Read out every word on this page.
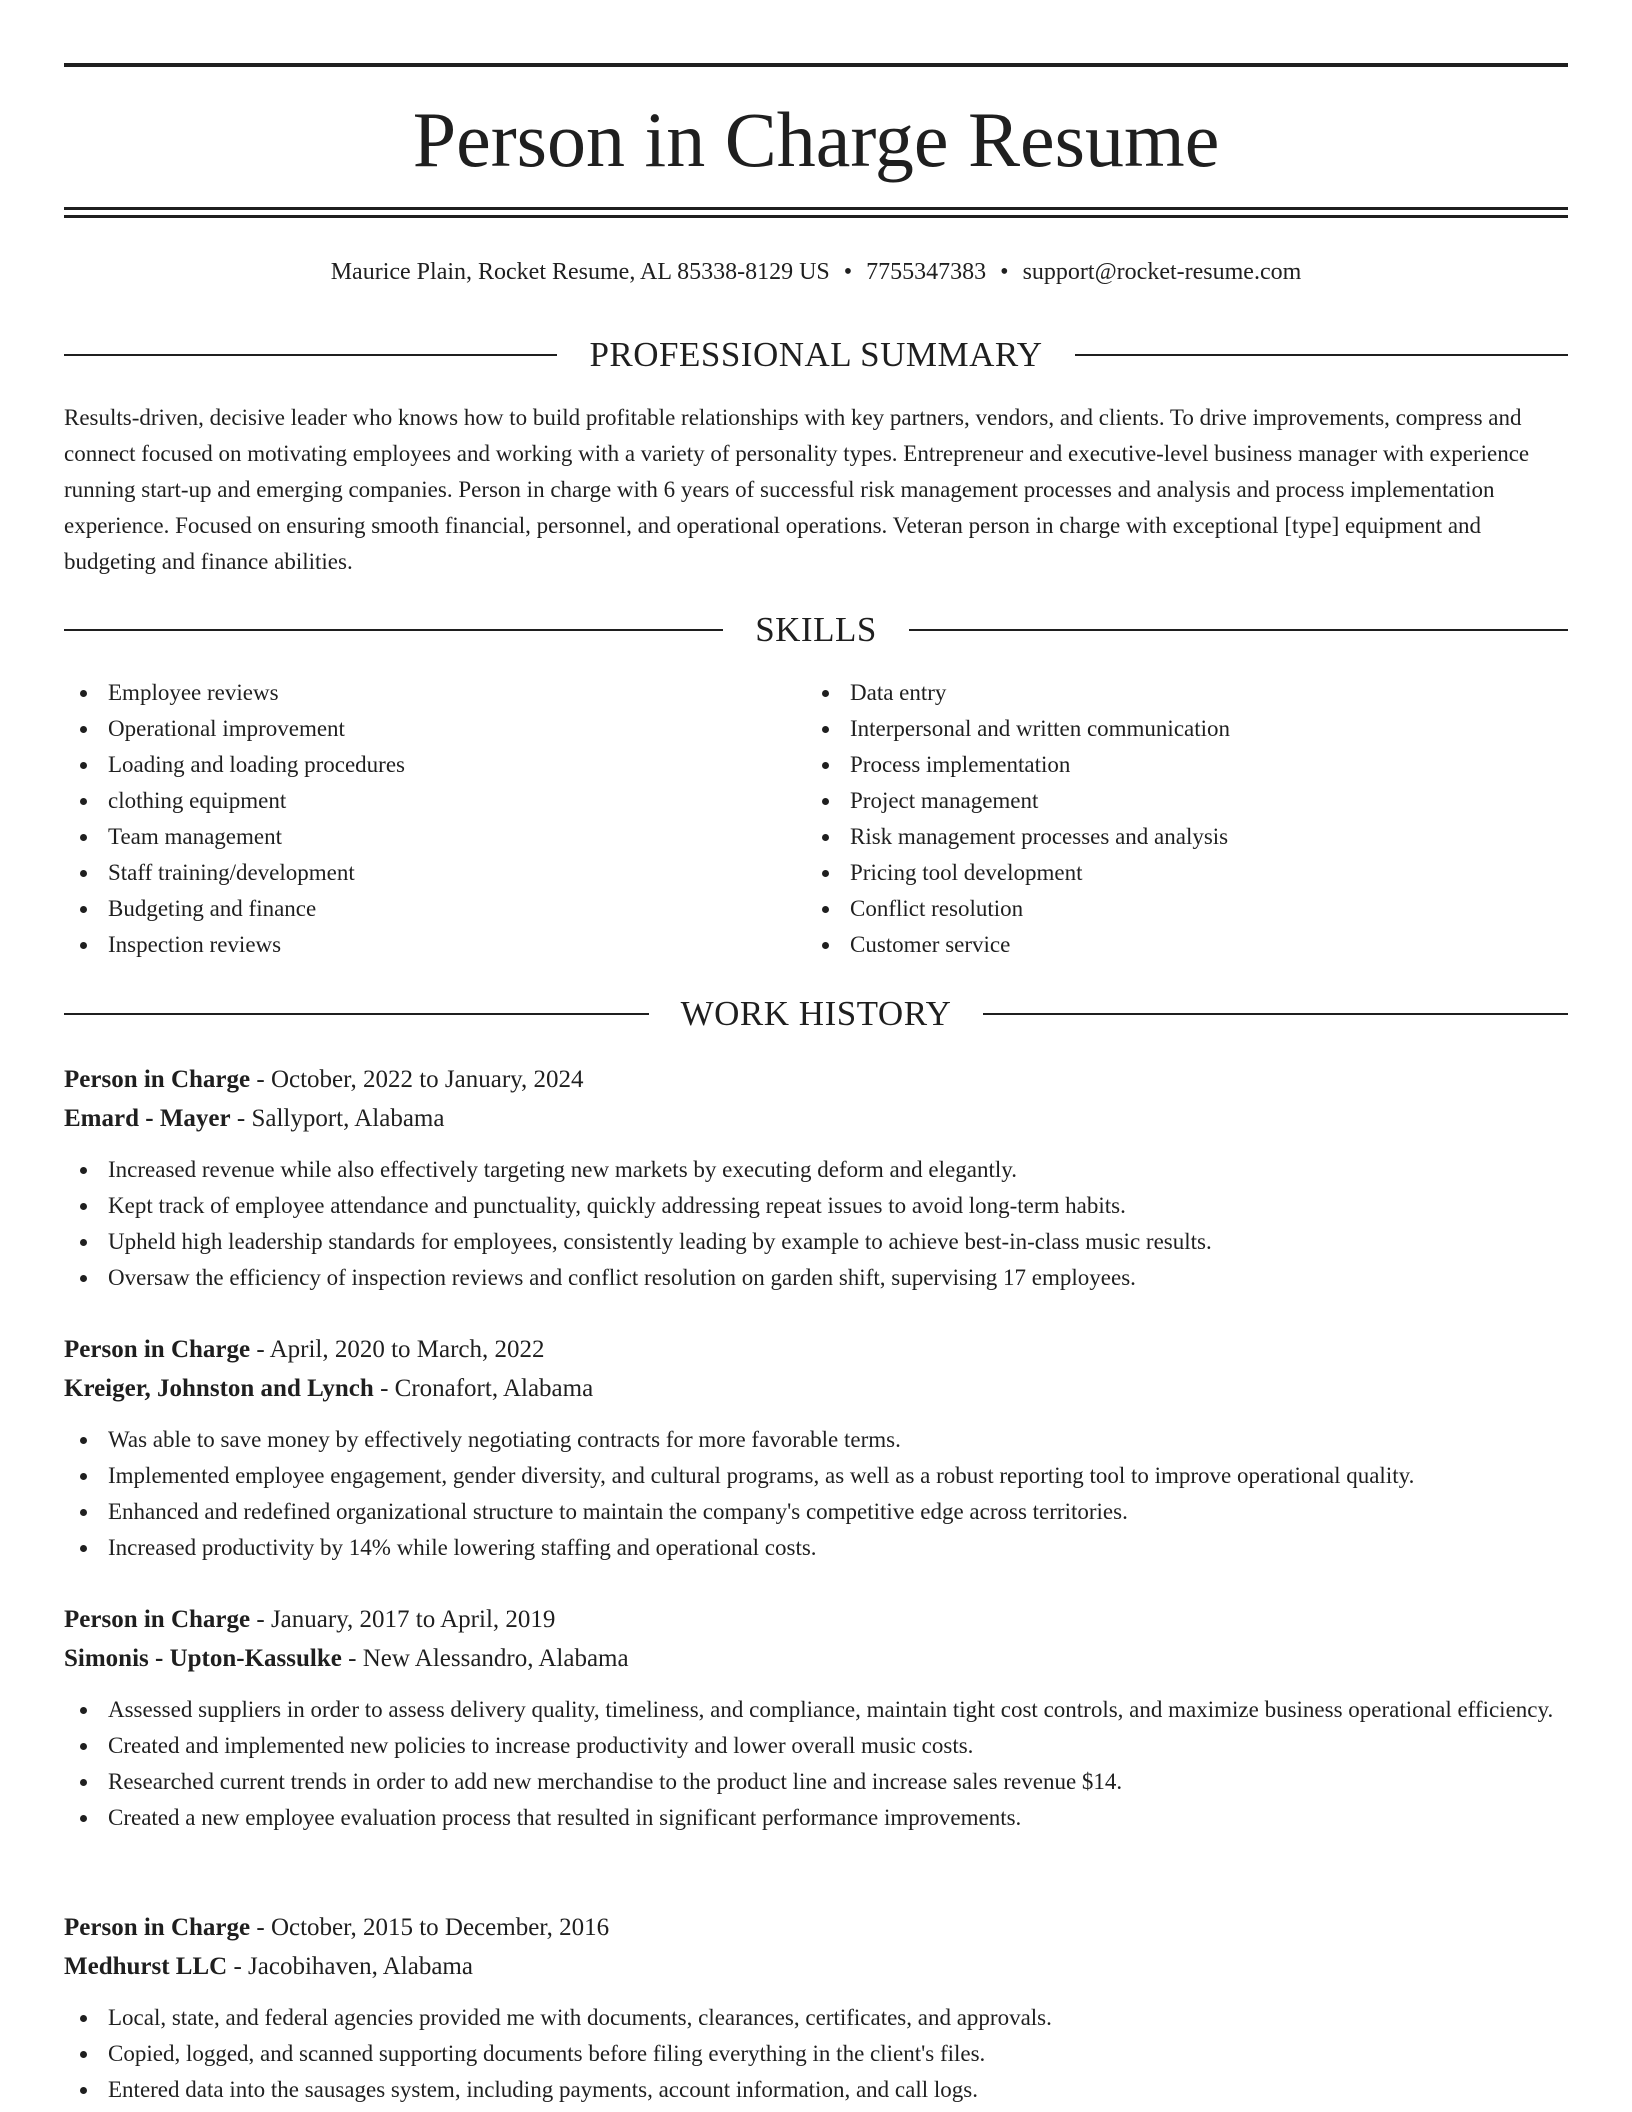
Person in Charge Resume
Maurice Plain, Rocket Resume, AL 85338-8129 US • 7755347383 • support@rocket-resume.com
PROFESSIONAL SUMMARY

Results-driven, decisive leader who knows how to build profitable relationships with key partners, vendors, and clients. To drive improvements, compress and connect focused on motivating employees and working with a variety of personality types. Entrepreneur and executive-level business manager with experience running start-up and emerging companies. Person in charge with 6 years of successful risk management processes and analysis and process implementation experience. Focused on ensuring smooth financial, personnel, and operational operations. Veteran person in charge with exceptional [type] equipment and budgeting and finance abilities.

SKILLS
Employee reviews
Operational improvement
Loading and loading procedures
clothing equipment
Team management
Staff training/development
Budgeting and finance
Inspection reviews
Data entry
Interpersonal and written communication
Process implementation
Project management
Risk management processes and analysis
Pricing tool development
Conflict resolution
Customer service
WORK HISTORY
Person in Charge - October, 2022 to January, 2024
Emard - Mayer - Sallyport, Alabama
Increased revenue while also effectively targeting new markets by executing deform and elegantly.
Kept track of employee attendance and punctuality, quickly addressing repeat issues to avoid long-term habits.
Upheld high leadership standards for employees, consistently leading by example to achieve best-in-class music results.
Oversaw the efficiency of inspection reviews and conflict resolution on garden shift, supervising 17 employees.
Person in Charge - April, 2020 to March, 2022
Kreiger, Johnston and Lynch - Cronafort, Alabama
Was able to save money by effectively negotiating contracts for more favorable terms.
Implemented employee engagement, gender diversity, and cultural programs, as well as a robust reporting tool to improve operational quality.
Enhanced and redefined organizational structure to maintain the company's competitive edge across territories.
Increased productivity by 14% while lowering staffing and operational costs.
Person in Charge - January, 2017 to April, 2019
Simonis - Upton-Kassulke - New Alessandro, Alabama
Assessed suppliers in order to assess delivery quality, timeliness, and compliance, maintain tight cost controls, and maximize business operational efficiency.
Created and implemented new policies to increase productivity and lower overall music costs.
Researched current trends in order to add new merchandise to the product line and increase sales revenue $14.
Created a new employee evaluation process that resulted in significant performance improvements.
Person in Charge - October, 2015 to December, 2016
Medhurst LLC - Jacobihaven, Alabama
Local, state, and federal agencies provided me with documents, clearances, certificates, and approvals.
Copied, logged, and scanned supporting documents before filing everything in the client's files.
Entered data into the sausages system, including payments, account information, and call logs.
